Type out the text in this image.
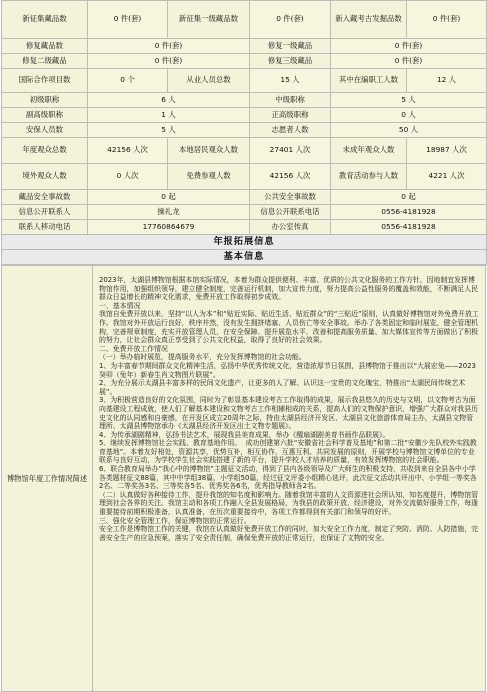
新征集藏品数	0 件(套)	新征集一级藏品数	0 件(套)	新入藏考古发掘品数	0 件(套)
修复藏品数	0 件(套)		修复一级藏品	0 件(套)	
修复二级藏品	0 件(套)		修复三级藏品	0 件(套)	
国际合作项目数	0 个	从业人员总数	15 人	其中在编职工人数	12 人
初级职称	6 人		中级职称	5 人	
副高级职称	1 人		正高级职称	0 人	
安保人员数	5 人		志愿者人数	50 人	
年度观众总数	42156 人次	本地居民观众人数	27401 人次	未成年观众人数	18987 人次
境外观众人数	0 人次	免费参观人数	42156 人次	教育活动参与人数	4221 人次
藏品安全事故数	0 起		公共安全事故数	0 起	
信息公开联系人	操礼龙		信息公开联系电话	0556-4181928	
联系人移动电话	17760864679		办公室传真	0556-4181928	
年报拓展信息					
基本信息					
博物馆年度工作情况简述	

2023年，太湖县博物馆根据本馆实际情况，本着为群众提供便利、丰富、优质的公共文化服务的工作方针，因地制宜发挥博物馆作用，加强组织领导，建立健全制度，完善运行机制，加大宣传力度，努力提高公益性服务的覆盖和效能，不断满足人民群众日益增长的精神文化需求，免费开放工作取得初步成效。

一、基本情况

我馆自免费开放以来，坚持“以人为本”和“贴近实际、贴近生活、贴近群众”的“三贴近”原则，认真做好博物馆对外免费开放工作。我馆对外开放运行良好，秩序井然，没有发生拥挤堵塞、人员伤亡等安全事故。举办了各类固定和临时展览，健全管理机构，完善规章制度，充实开放管理人员，在安全保障、提升展览水平、改善和提高服务质量、加大媒体宣传等方面做出了积极的努力，让社会群众真正享受到了公共文化权益，取得了良好的社会效果。

二、免费开放工作情况

（一）举办临时展览，提高服务水平，充分发挥博物馆的社会功能。

1、为丰富春节期间群众文化精神生活，弘扬中华优秀传统文化，营造浓厚节日氛围，县博物馆于推出以“大展宏兔——2023癸卯（兔年）新春生肖文物图片联展”。

2、为充分展示太湖县丰富多样的民间文化遗产，让更多的人了解、认识这一宝贵的文化瑰宝，特推出“太湖民间传统艺术展”。

3、为积极营造良好的文化氛围，同时为了彰显基本建设考古工作取得的成果，展示我县悠久的历史与文明，以文物考古为面向基建设工程成就，使人们了解基本建设和文物考古工作相辅相成的关系，提高人们的文物保护意识，增强广大群众对我县历史文化的认同感和自豪感，在开发区成立20周年之际，特由太湖县经济开发区、太湖县文化旅游体育局主办，太湖县文物管理所、太湖县博物馆承办《太湖县经济开发区出土文物专题展》。

4、为传承湖剧精神，弘扬书法艺术，展现我县美育成果，举办《醒扇湖剧美育书画作品联展》。

5、继续发挥博物馆社会实践、教育基地作用。  成功创建第六批“安徽省社会科学普及基地”和第二批“安徽少先队校外实践教育基地”。本着友好相处，资源共享，优势互补，相互协作，互惠互利、共同发展的原则，开展学校与博物馆文博单位的专业联系与良好互动，为学校学生社会实践搭建了新的平台，提升学校人才培养的质量，有效发挥博物馆的社会职能。

6、联合教育局举办“我心中的博物馆”主题征文活动，得到了县内各级领导及广大师生的积极支持，共收到来自全县各中小学各类题材征文88篇，其中中学组38篇，小学组50篇，经过征文评委小组精心选评，此次征文活动共评出中、小学组一等奖各2名、二等奖各3名、三等奖各5名、优秀奖各6名，优秀指导教师各2名。

（二）认真做好各种接待工作，提升我馆的知名度和影响力。随着我馆丰富的人文资源进社会所认知，知名度提升，博物馆管理到社会各界的关注。我馆主动和各项工作融入全县发展格局，为我县的政策开放、经济建设，对外交流做好服务工作，每逢重要接待前期积极准备，认真准备，在历次重要接待中，各项工作都得到有关部门和领导的好评。

三、强化安全管理工作，保证博物馆的正常运行。

安全工作是博物馆工作的关键，我馆在认真做好免费开放工作的同时，加大安全工作力度，制定了突防、消防、人防措施，完善安全生产的应急预案，落实了安全责任制，确保免费开放的正常运行，也保证了文物的安全。
